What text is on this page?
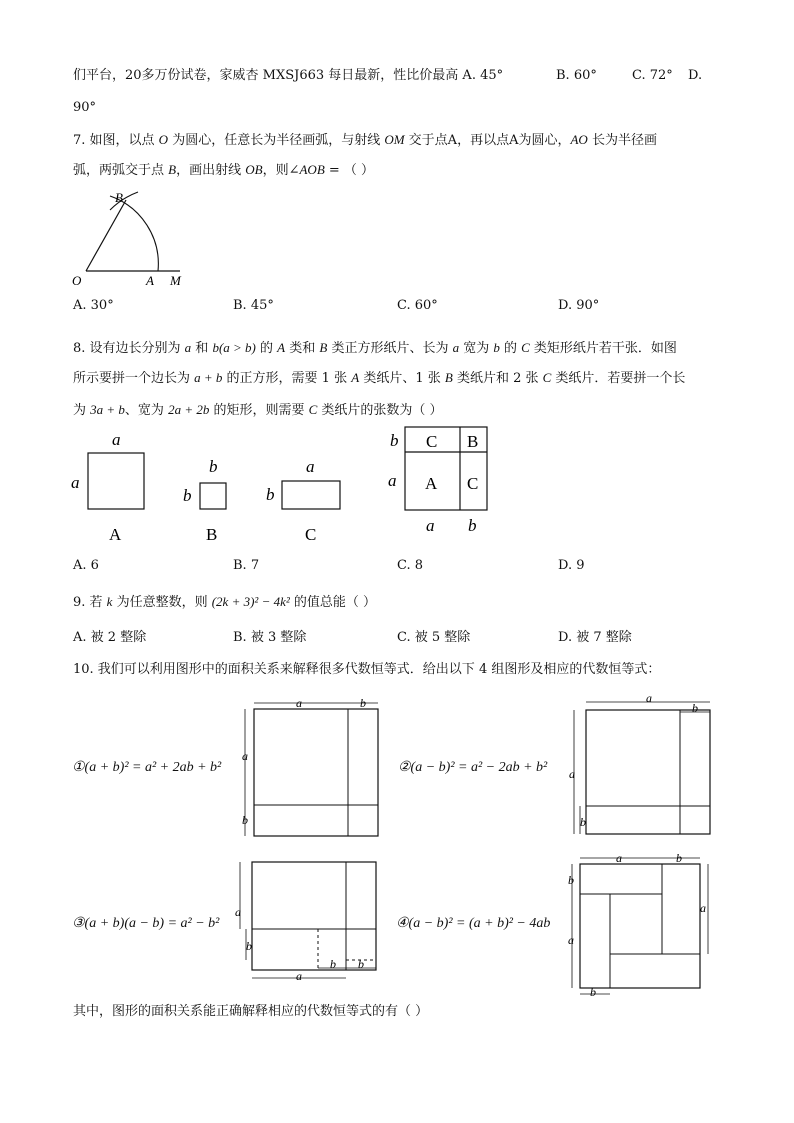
们平台，20多万份试卷，家威杏 MXSJ663 每日最新，性比价最高 A. 45°	B. 60°	C. 72° D.
90°
7. 如图，以点 O 为圆心，任意长为半径画弧，与射线 OM 交于点A，再以点A为圆心，AO 长为半径画
弧，两弧交于点 B，画出射线 OB，则∠AOB = （ ）
B
O	A M
A. 30°	B. 45°	C. 60°	D. 90°
8. 设有边长分别为 a 和 b(a > b) 的 A 类和 B 类正方形纸片、长为 a 宽为 b 的 C 类矩形纸片若干张．如图
所示要拼一个边长为 a + b 的正方形，需要 1 张 A 类纸片、1 张 B 类纸片和 2 张 C 类纸片．若要拼一个长
为 3a + b、宽为 2a + 2b 的矩形，则需要 C 类纸片的张数为（ ）
a
a
A
b
b
B
a
b
C
C B
A C
b
a
a b
A. 6	B. 7	C. 8	D. 9
9. 若 k 为任意整数，则 (2k + 3)² − 4k² 的值总能（ ）
A. 被 2 整除	B. 被 3 整除	C. 被 5 整除	D. 被 7 整除
10. 我们可以利用图形中的面积关系来解释很多代数恒等式．给出以下 4 组图形及相应的代数恒等式：
①(a + b)² = a² + 2ab + b²
a	b
a
b
②(a − b)² = a² − 2ab + b²
a
b
a
b
③(a + b)(a − b) = a² − b²
a
b
a
b b
④(a − b)² = (a + b)² − 4ab
a	b
a
b
a
b
其中，图形的面积关系能正确解释相应的代数恒等式的有（ ）
